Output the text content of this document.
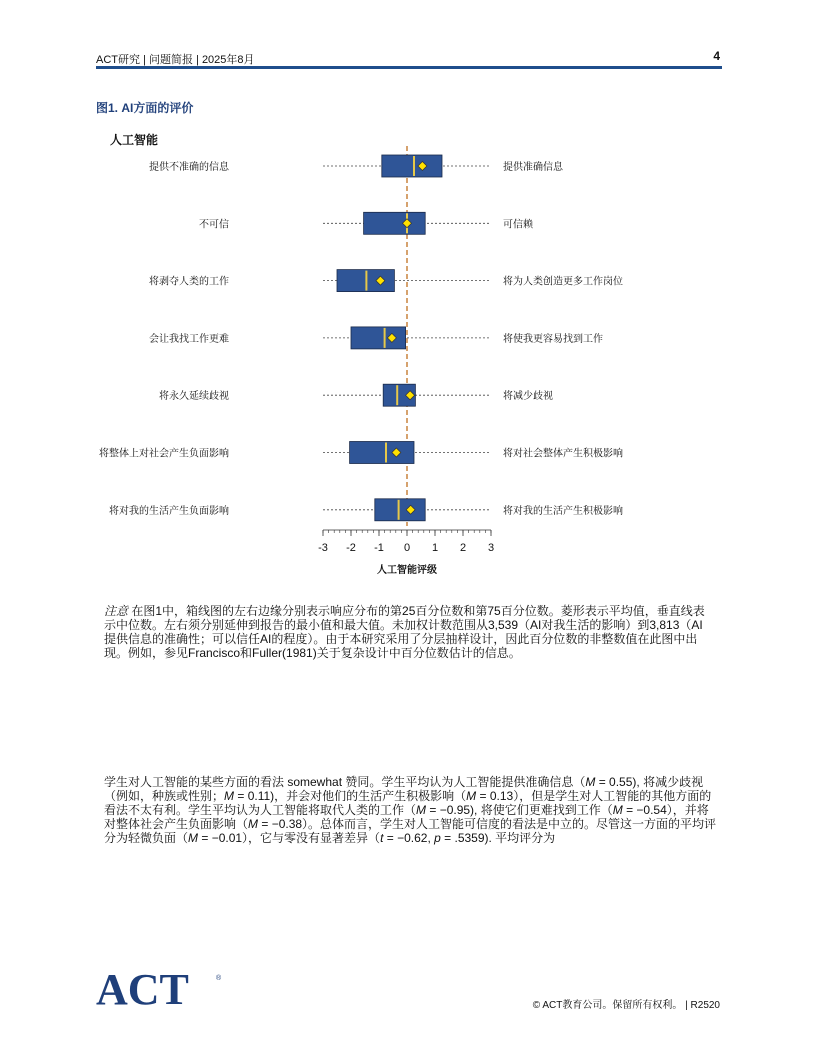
ACT研究 | 问题简报 | 2025年8月	4
图1. AI方面的评价
人工智能
提供不准确的信息	提供准确信息
不可信	可信赖
将剥夺人类的工作	将为人类创造更多工作岗位
会让我找工作更难	将使我更容易找到工作
将永久延续歧视	将减少歧视
将整体上对社会产生负面影响	将对社会整体产生积极影响
将对我的生活产生负面影响	将对我的生活产生积极影响
-3 -2 -1 0 1 2 3
人工智能评级
注意 在图1中，箱线图的左右边缘分别表示响应分布的第25百分位数和第75百分位数。菱形表示平均值，垂直线表示中位数。左右须分别延伸到报告的最小值和最大值。未加权计数范围从3,539（AI对我生活的影响）到3,813（AI提供信息的准确性；可以信任AI的程度）。由于本研究采用了分层抽样设计，因此百分位数的非整数值在此图中出现。例如，参见Francisco和Fuller(1981)关于复杂设计中百分位数估计的信息。
学生对人工智能的某些方面的看法 somewhat 赞同。学生平均认为人工智能提供准确信息（M = 0.55), 将减少歧视（例如，种族或性别；M = 0.11)，并会对他们的生活产生积极影响（M = 0.13），但是学生对人工智能的其他方面的看法不太有利。学生平均认为人工智能将取代人类的工作（M = −0.95), 将使它们更难找到工作（M = −0.54），并将对整体社会产生负面影响（M = −0.38）。总体而言，学生对人工智能可信度的看法是中立的。尽管这一方面的平均评分为轻微负面（M = −0.01），它与零没有显著差异（t = −0.62, p = .5359). 平均评分为
ACT	®
© ACT教育公司。保留所有权利。 | R2520
